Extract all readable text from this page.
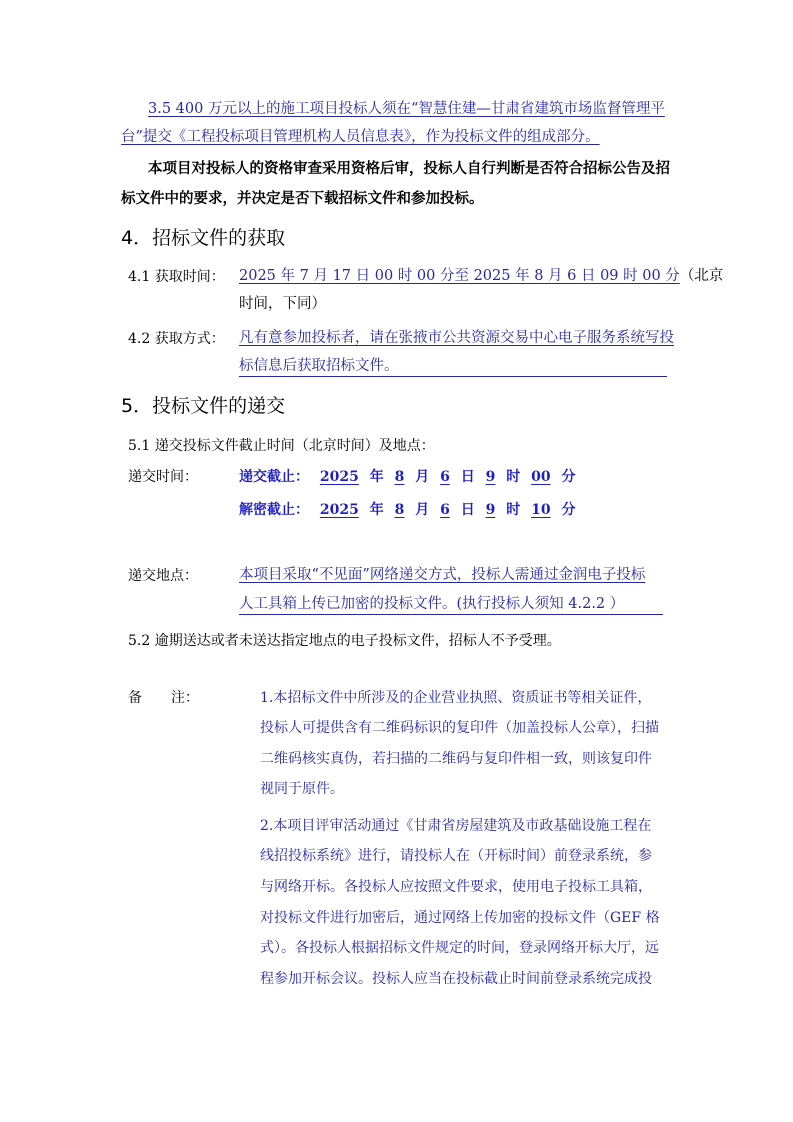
3.5 400 万元以上的施工项目投标人须在“智慧住建—甘肃省建筑市场监督管理平
台”提交《工程投标项目管理机构人员信息表》，作为投标文件的组成部分。
本项目对投标人的资格审查采用资格后审，投标人自行判断是否符合招标公告及招
标文件中的要求，并决定是否下载招标文件和参加投标。
4．招标文件的获取
4.1 获取时间： 2025 年 7 月 17 日 00 时 00 分至 2025 年 8 月 6 日 09 时 00 分（北京
时间，下同）
4.2 获取方式： 凡有意参加投标者，请在张掖市公共资源交易中心电子服务系统写投
标信息后获取招标文件。
5．投标文件的递交
5.1 递交投标文件截止时间（北京时间）及地点：
递交时间：	递交截止： 2025 年 8 月 6 日 9 时 00 分
解密截止： 2025 年 8 月 6 日 9 时 10 分
递交地点：	本项目采取“不见面”网络递交方式，投标人需通过金润电子投标
人工具箱上传已加密的投标文件。(执行投标人须知 4.2.2 ）
5.2 逾期送达或者未送达指定地点的电子投标文件，招标人不予受理。
备 注：	1.本招标文件中所涉及的企业营业执照、资质证书等相关证件，
投标人可提供含有二维码标识的复印件（加盖投标人公章），扫描
二维码核实真伪，若扫描的二维码与复印件相一致，则该复印件
视同于原件。
2.本项目评审活动通过《甘肃省房屋建筑及市政基础设施工程在
线招投标系统》进行，请投标人在（开标时间）前登录系统，参
与网络开标。各投标人应按照文件要求，使用电子投标工具箱，
对投标文件进行加密后，通过网络上传加密的投标文件（GEF 格
式）。各投标人根据招标文件规定的时间，登录网络开标大厅，远
程参加开标会议。投标人应当在投标截止时间前登录系统完成投
